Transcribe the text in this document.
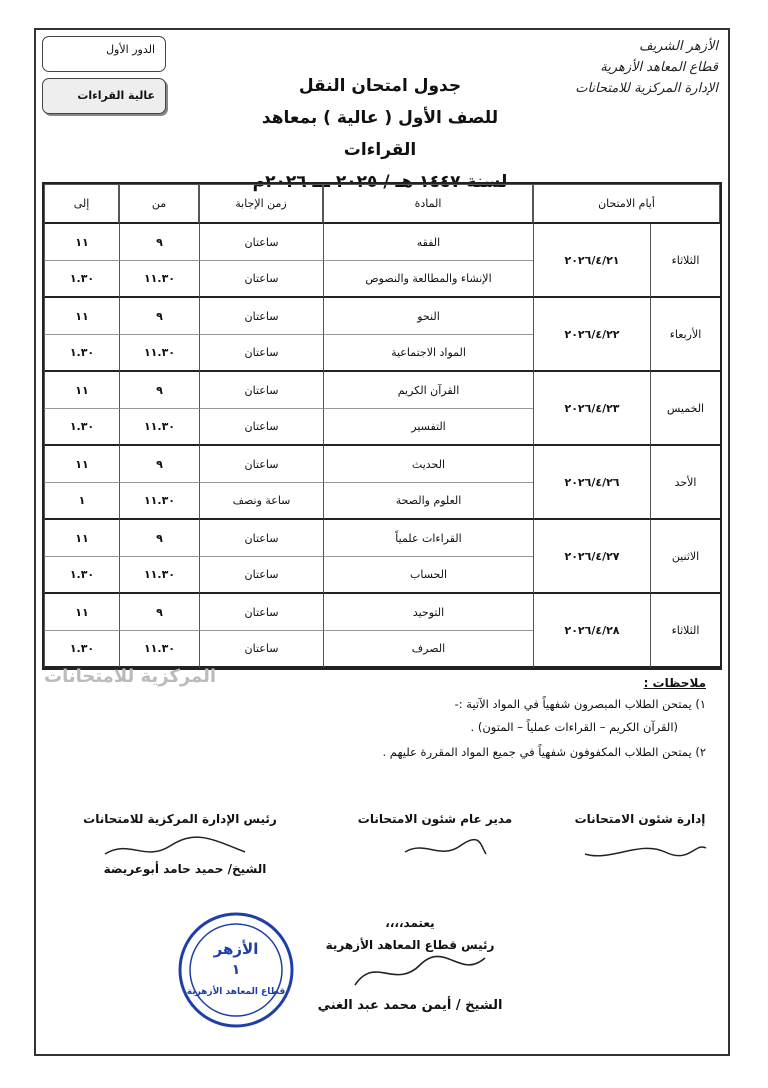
الدور الأول
عالية القراءات
الأزهر الشريف
قطاع المعاهد الأزهرية
الإدارة المركزية للامتحانات
جدول امتحان النقل
للصف الأول ( عالية ) بمعاهد القراءات
لسنة ١٤٤٧ هـ / ٢٠٢٥ ـــ ٢٠٢٦م
أيام الامتحان		المادة	زمن الإجابة	من	إلى
الثلاثاء	٢٠٢٦/٤/٢١	الفقه	ساعتان	٩	١١
		الإنشاء والمطالعة والنصوص	ساعتان	١١.٣٠	١.٣٠
الأربعاء	٢٠٢٦/٤/٢٢	النحو	ساعتان	٩	١١
		المواد الاجتماعية	ساعتان	١١.٣٠	١.٣٠
الخميس	٢٠٢٦/٤/٢٣	القرآن الكريم	ساعتان	٩	١١
		التفسير	ساعتان	١١.٣٠	١.٣٠
الأحد	٢٠٢٦/٤/٢٦	الحديث	ساعتان	٩	١١
		العلوم والصحة	ساعة ونصف	١١.٣٠	١
الاثنين	٢٠٢٦/٤/٢٧	القراءات علمياً	ساعتان	٩	١١
		الحساب	ساعتان	١١.٣٠	١.٣٠
الثلاثاء	٢٠٢٦/٤/٢٨	التوحيد	ساعتان	٩	١١
		الصرف	ساعتان	١١.٣٠	١.٣٠
المركزية للامتحانات	ملاحظات :
١) يمتحن الطلاب المبصرون شفهياً في المواد الآتية :-
(القرآن الكريم – القراءات عملياً – المتون) .
٢) يمتحن الطلاب المكفوفون شفهياً في جميع المواد المقررة عليهم .
رئيس الإدارة المركزية للامتحانات	مدير عام شئون الامتحانات	إدارة شئون الامتحانات
الشيخ/ حميد حامد أبوعريضة
يعتمد،،،،
رئيس قطاع المعاهد الأزهرية
الشيخ / أيمن محمد عبد الغني
الأزهر
١
قطاع المعاهد الأزهرية
